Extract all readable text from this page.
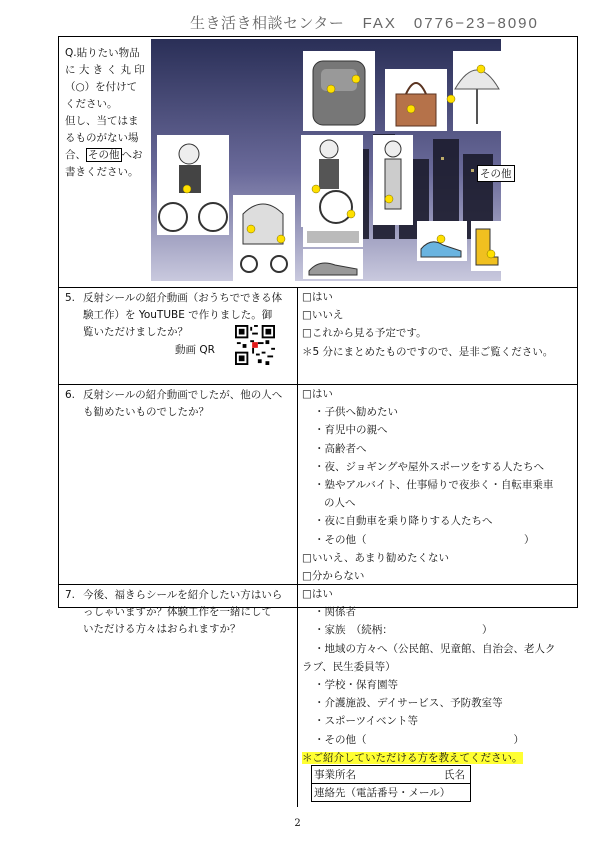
生き活き相談センター FAX　0776−23−8090
Q.貼りたい物品
に 大 き く 丸 印
（○）を付けて
ください。
但し、当てはま
るものがない場
合、 その他 へお
書きください。	その他
5. 反射シールの紹介動画（おうちでできる体
験工作）を YouTUBE で作りました。御
覧いただけましたか？
動画 QR
□はい
□いいえ
□これから見る予定です。
＊5 分にまとめたものですので、是非ご覧ください。
6. 反射シールの紹介動画でしたが、他の人へ
も勧めたいものでしたか？
□はい
・子供へ勧めたい
・育児中の親へ
・高齢者へ
・夜、ジョギングや屋外スポーツをする人たちへ
・塾やアルバイト、仕事帰りで夜歩く・自転車乗車
の人へ
・夜に自動車を乗り降りする人たちへ
・その他（　　　　　　　　　　　　　　　）
□いいえ、あまり勧めたくない
□分からない
7. 今後、福きらシールを紹介したい方はいら
っしゃいますか？体験工作を一緒にして
いただける方々はおられますか？
□はい
・関係者
・家族　（続柄：　　　　　　　　　）
・地域の方々へ（公民館、児童館、自治会、老人ク
ラブ、民生委員等）
・学校・保育園等
・介護施設、デイサービス、予防教室等
・スポーツイベント等
・その他（　　　　　　　　　　　　　　）
＊ご紹介していただける方を教えてください。
事業所名	氏名
連絡先（電話番号・メール）
2
